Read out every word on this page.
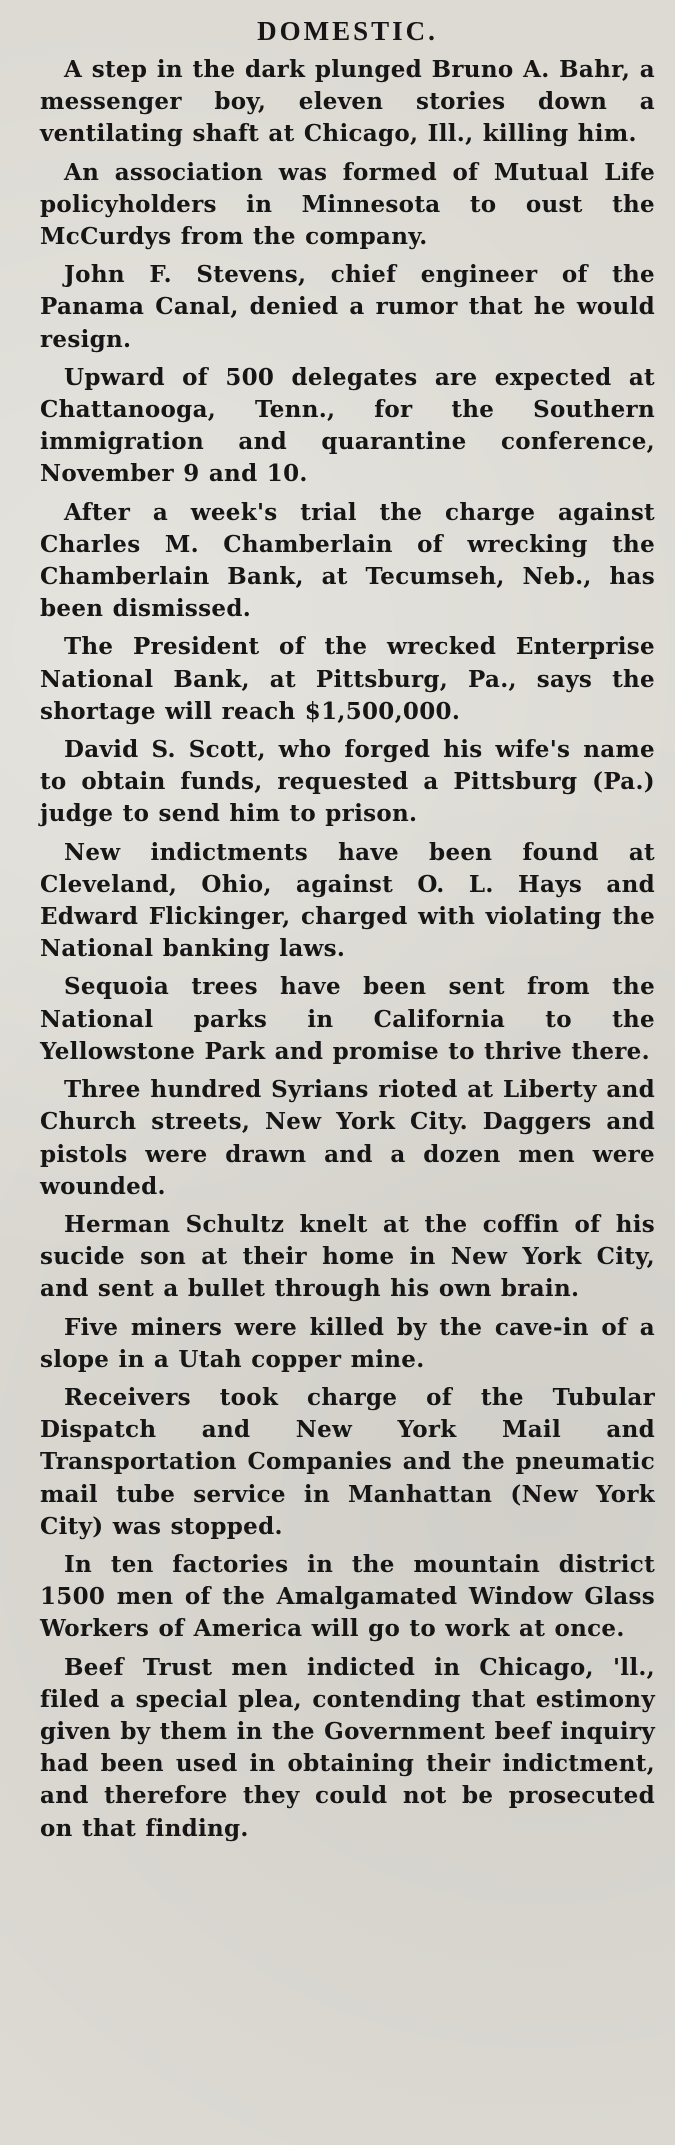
DOMESTIC.

A step in the dark plunged Bruno A. Bahr, a messenger boy, eleven stories down a ventilating shaft at Chicago, Ill., killing him.

An association was formed of Mutual Life policyholders in Minnesota to oust the McCurdys from the company.

John F. Stevens, chief engineer of the Panama Canal, denied a rumor that he would resign.

Upward of 500 delegates are expected at Chattanooga, Tenn., for the Southern immigration and quarantine conference, November 9 and 10.

After a week's trial the charge against Charles M. Chamberlain of wrecking the Chamberlain Bank, at Tecumseh, Neb., has been dismissed.

The President of the wrecked Enterprise National Bank, at Pittsburg, Pa., says the shortage will reach $1,500,000.

David S. Scott, who forged his wife's name to obtain funds, requested a Pittsburg (Pa.) judge to send him to prison.

New indictments have been found at Cleveland, Ohio, against O. L. Hays and Edward Flickinger, charged with violating the National banking laws.

Sequoia trees have been sent from the National parks in California to the Yellowstone Park and promise to thrive there.

Three hundred Syrians rioted at Liberty and Church streets, New York City. Daggers and pistols were drawn and a dozen men were wounded.

Herman Schultz knelt at the coffin of his sucide son at their home in New York City, and sent a bullet through his own brain.

Five miners were killed by the cave-in of a slope in a Utah copper mine.

Receivers took charge of the Tubular Dispatch and New York Mail and Transportation Companies and the pneumatic mail tube service in Manhattan (New York City) was stopped.

In ten factories in the mountain district 1500 men of the Amalgamated Window Glass Workers of America will go to work at once.

Beef Trust men indicted in Chicago, 'll., filed a special plea, contending that estimony given by them in the Government beef inquiry had been used in obtaining their indictment, and therefore they could not be prosecuted on that finding.
